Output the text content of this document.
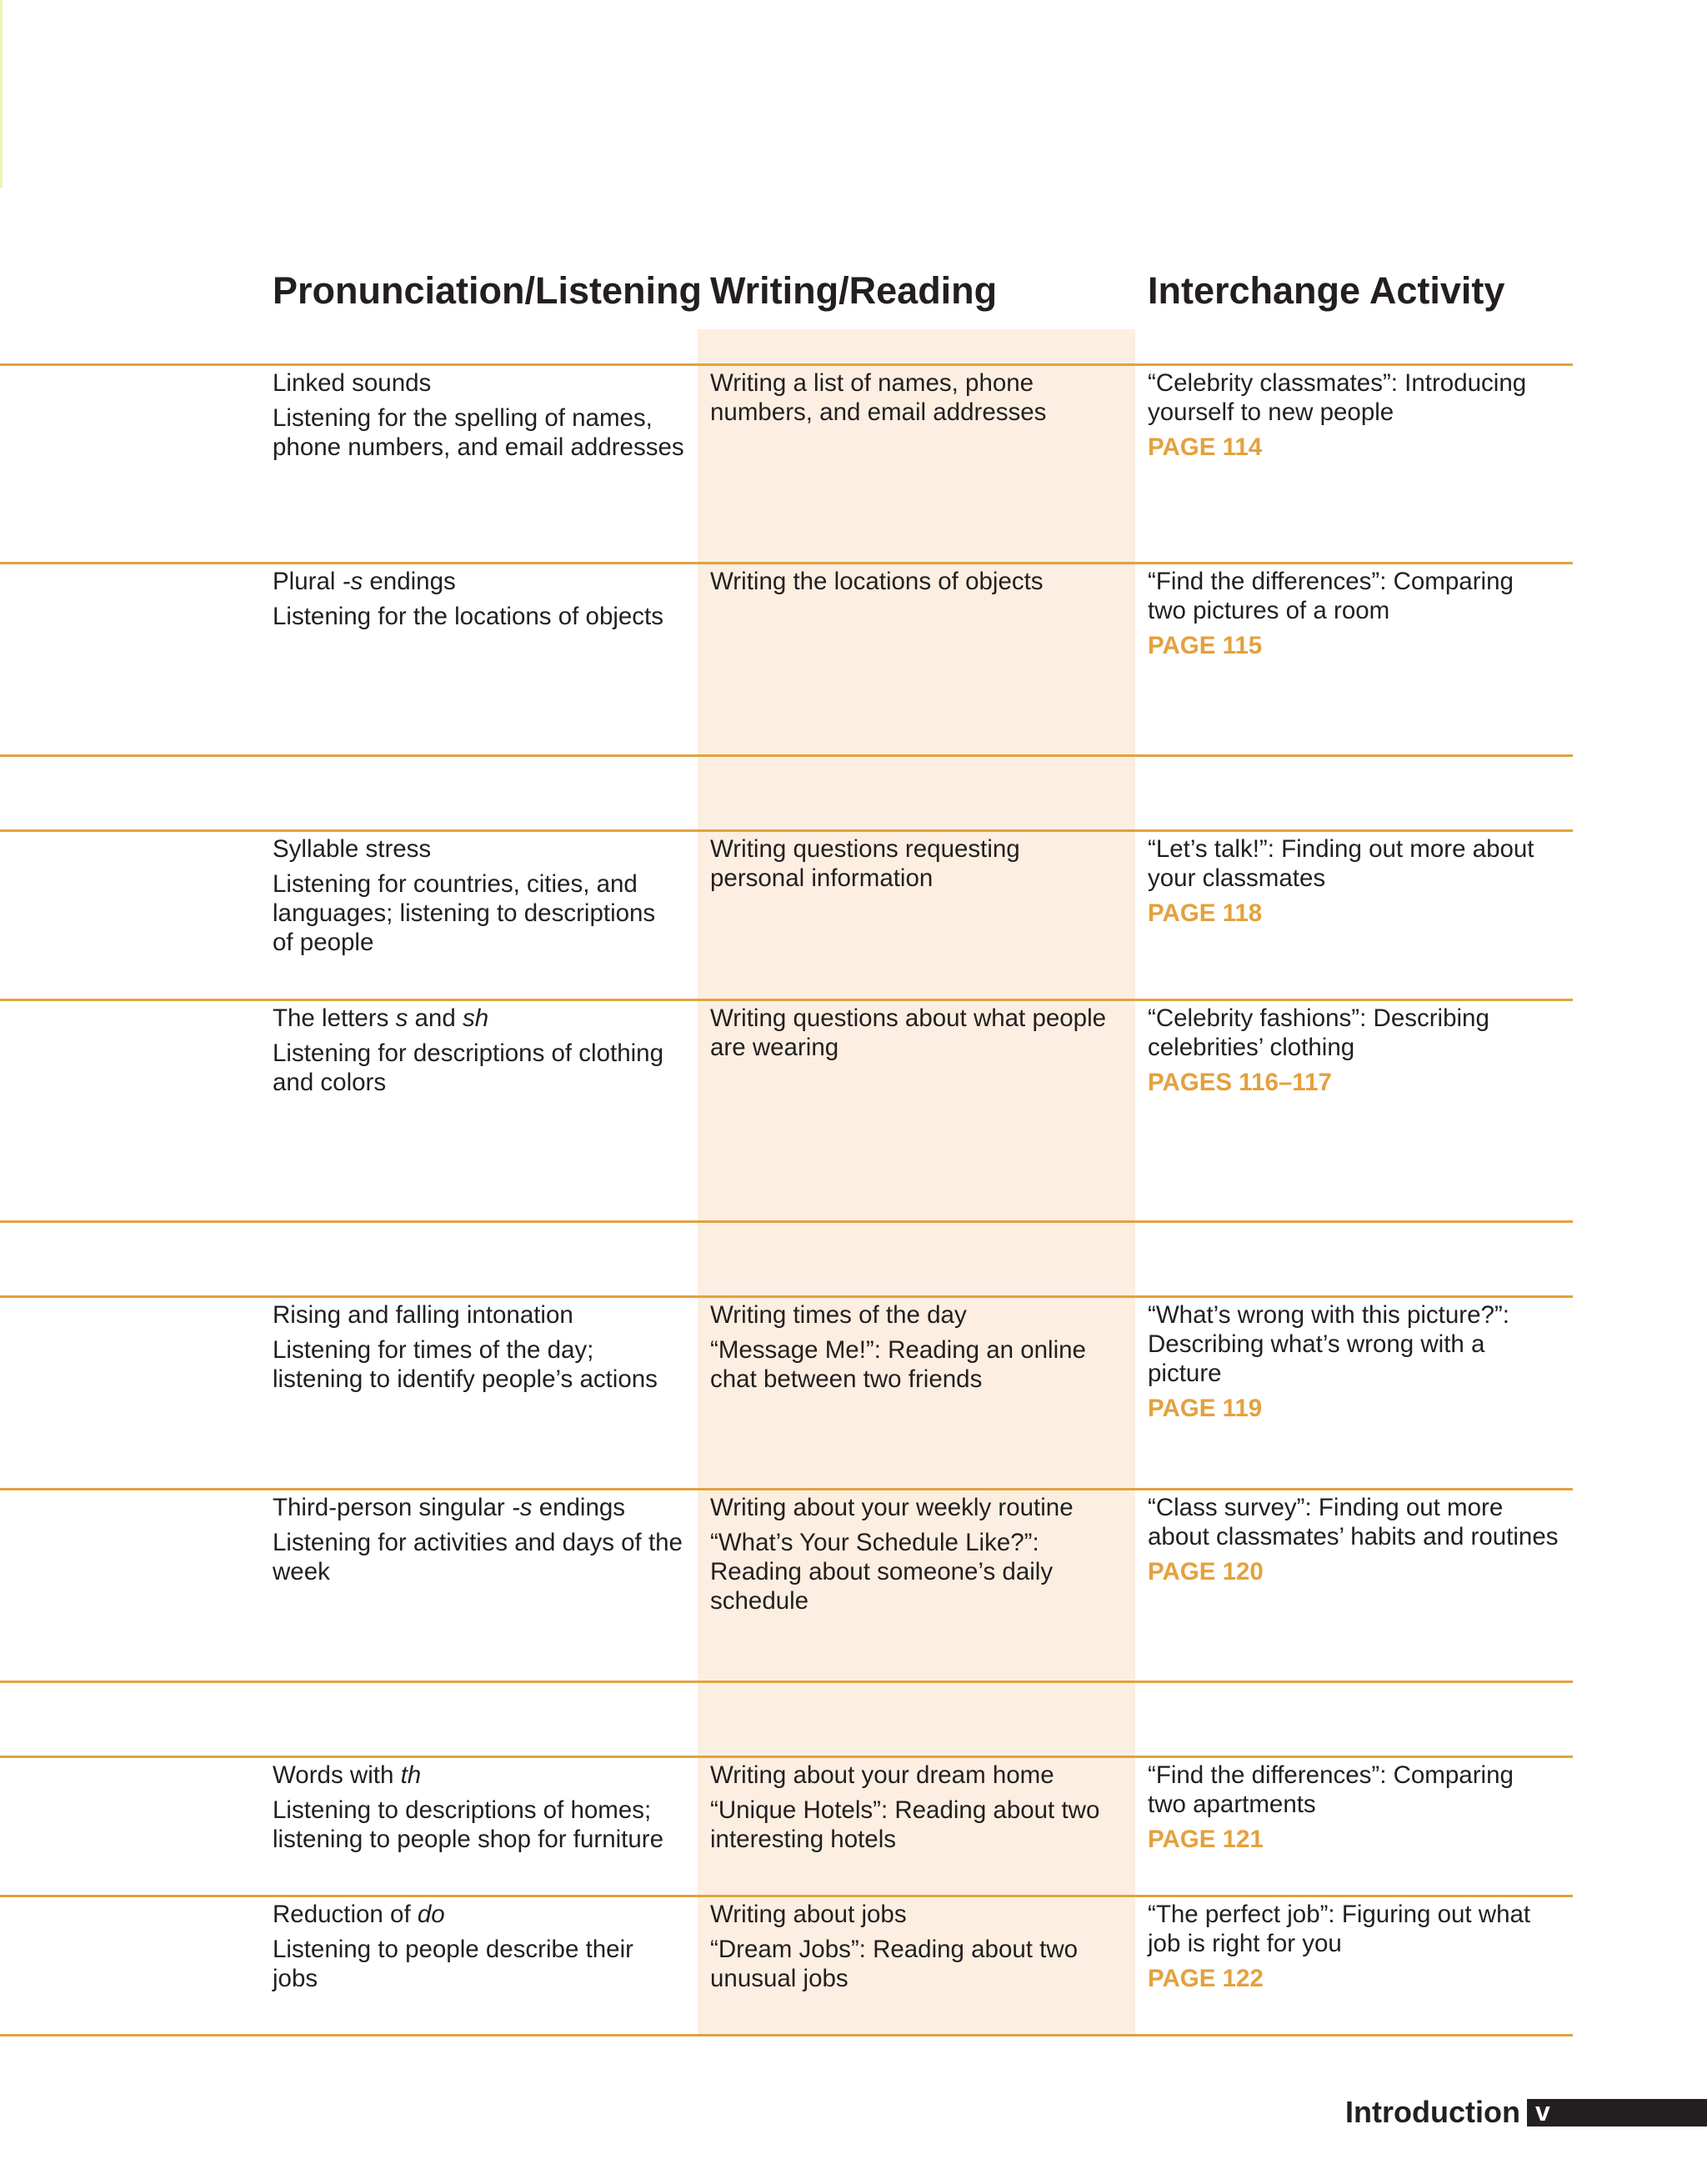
Pronunciation/Listening Writing/Reading	Interchange Activity
Linked sounds
Listening for the spelling of names,
phone numbers, and email addresses
Writing a list of names, phone
numbers, and email addresses
“Celebrity classmates”: Introducing
yourself to new people
PAGE 114
Plural -s endings
Listening for the locations of objects
Writing the locations of objects	“Find the differences”: Comparing
two pictures of a room
PAGE 115
Syllable stress
Listening for countries, cities, and
languages; listening to descriptions
of people
Writing questions requesting
personal information
“Let’s talk!”: Finding out more about
your classmates
PAGE 118
The letters s and sh
Listening for descriptions of clothing
and colors
Writing questions about what people
are wearing
“Celebrity fashions”: Describing
celebrities’ clothing
PAGES 116–117
Rising and falling intonation
Listening for times of the day;
listening to identify people’s actions
Writing times of the day
“Message Me!”: Reading an online
chat between two friends
“What’s wrong with this picture?”:
Describing what’s wrong with a
picture
PAGE 119
Third-person singular -s endings
Listening for activities and days of the
week
Writing about your weekly routine
“What’s Your Schedule Like?”:
Reading about someone’s daily
schedule
“Class survey”: Finding out more
about classmates’ habits and routines
PAGE 120
Words with th
Listening to descriptions of homes;
listening to people shop for furniture
Writing about your dream home
“Unique Hotels”: Reading about two
interesting hotels
“Find the differences”: Comparing
two apartments
PAGE 121
Reduction of do
Listening to people describe their
jobs
Writing about jobs
“Dream Jobs”: Reading about two
unusual jobs
“The perfect job”: Figuring out what
job is right for you
PAGE 122
Introduction v
